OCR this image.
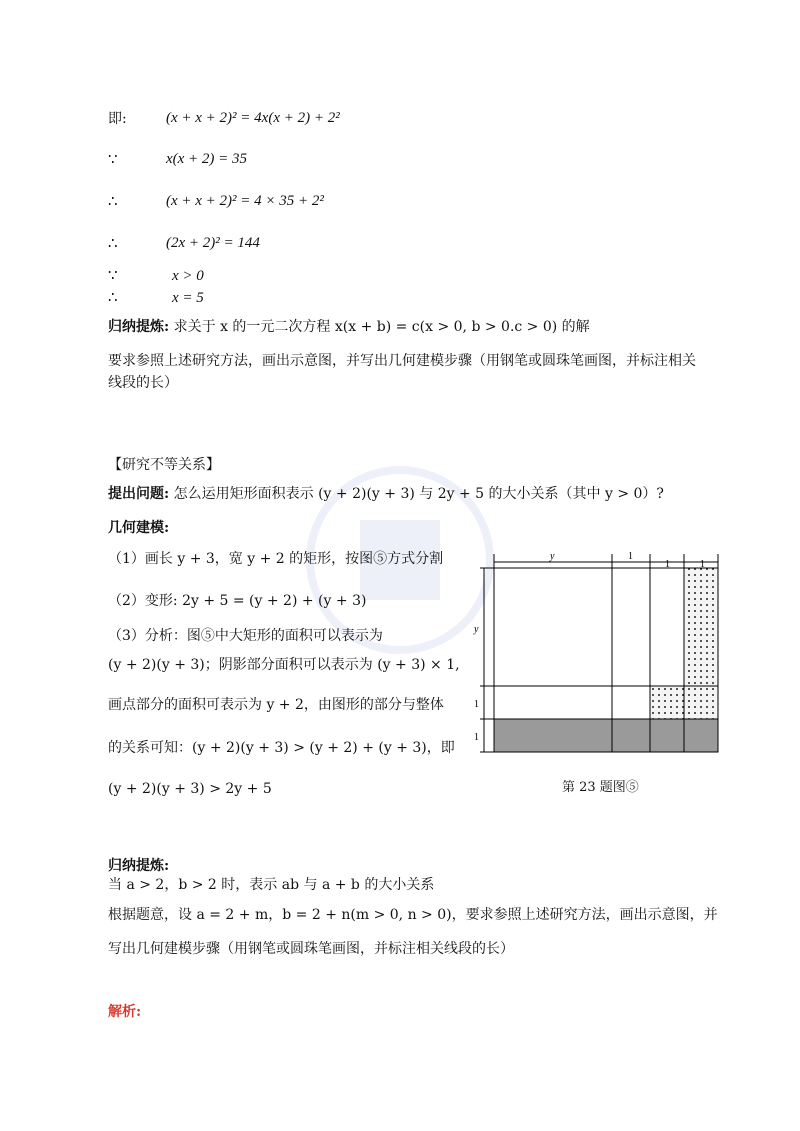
即:	(x + x + 2)² = 4x(x + 2) + 2²
∵	x(x + 2) = 35
∴	(x + x + 2)² = 4 × 35 + 2²
∴	(2x + 2)² = 144
∵	x > 0
∴	x = 5
归纳提炼: 求关于 x 的一元二次方程 x(x + b) = c(x > 0, b > 0.c > 0) 的解
要求参照上述研究方法，画出示意图，并写出几何建模步骤（用钢笔或圆珠笔画图，并标注相关
线段的长）
【研究不等关系】
提出问题: 怎么运用矩形面积表示 (y + 2)(y + 3) 与 2y + 5 的大小关系（其中 y > 0）?
几何建模:
（1）画长 y + 3，宽 y + 2 的矩形，按图⑤方式分割
（2）变形: 2y + 5 = (y + 2) + (y + 3)
（3）分析：图⑤中大矩形的面积可以表示为
(y + 2)(y + 3)；阴影部分面积可以表示为 (y + 3) × 1,
画点部分的面积可表示为 y + 2，由图形的部分与整体
的关系可知：(y + 2)(y + 3) > (y + 2) + (y + 3)，即
(y + 2)(y + 3) > 2y + 5
y	1
1	1
y
1
1
第 23 题图⑤
归纳提炼:
当 a > 2，b > 2 时，表示 ab 与 a + b 的大小关系
根据题意，设 a = 2 + m，b = 2 + n(m > 0, n > 0)，要求参照上述研究方法，画出示意图，并
写出几何建模步骤（用钢笔或圆珠笔画图，并标注相关线段的长）
解析:
